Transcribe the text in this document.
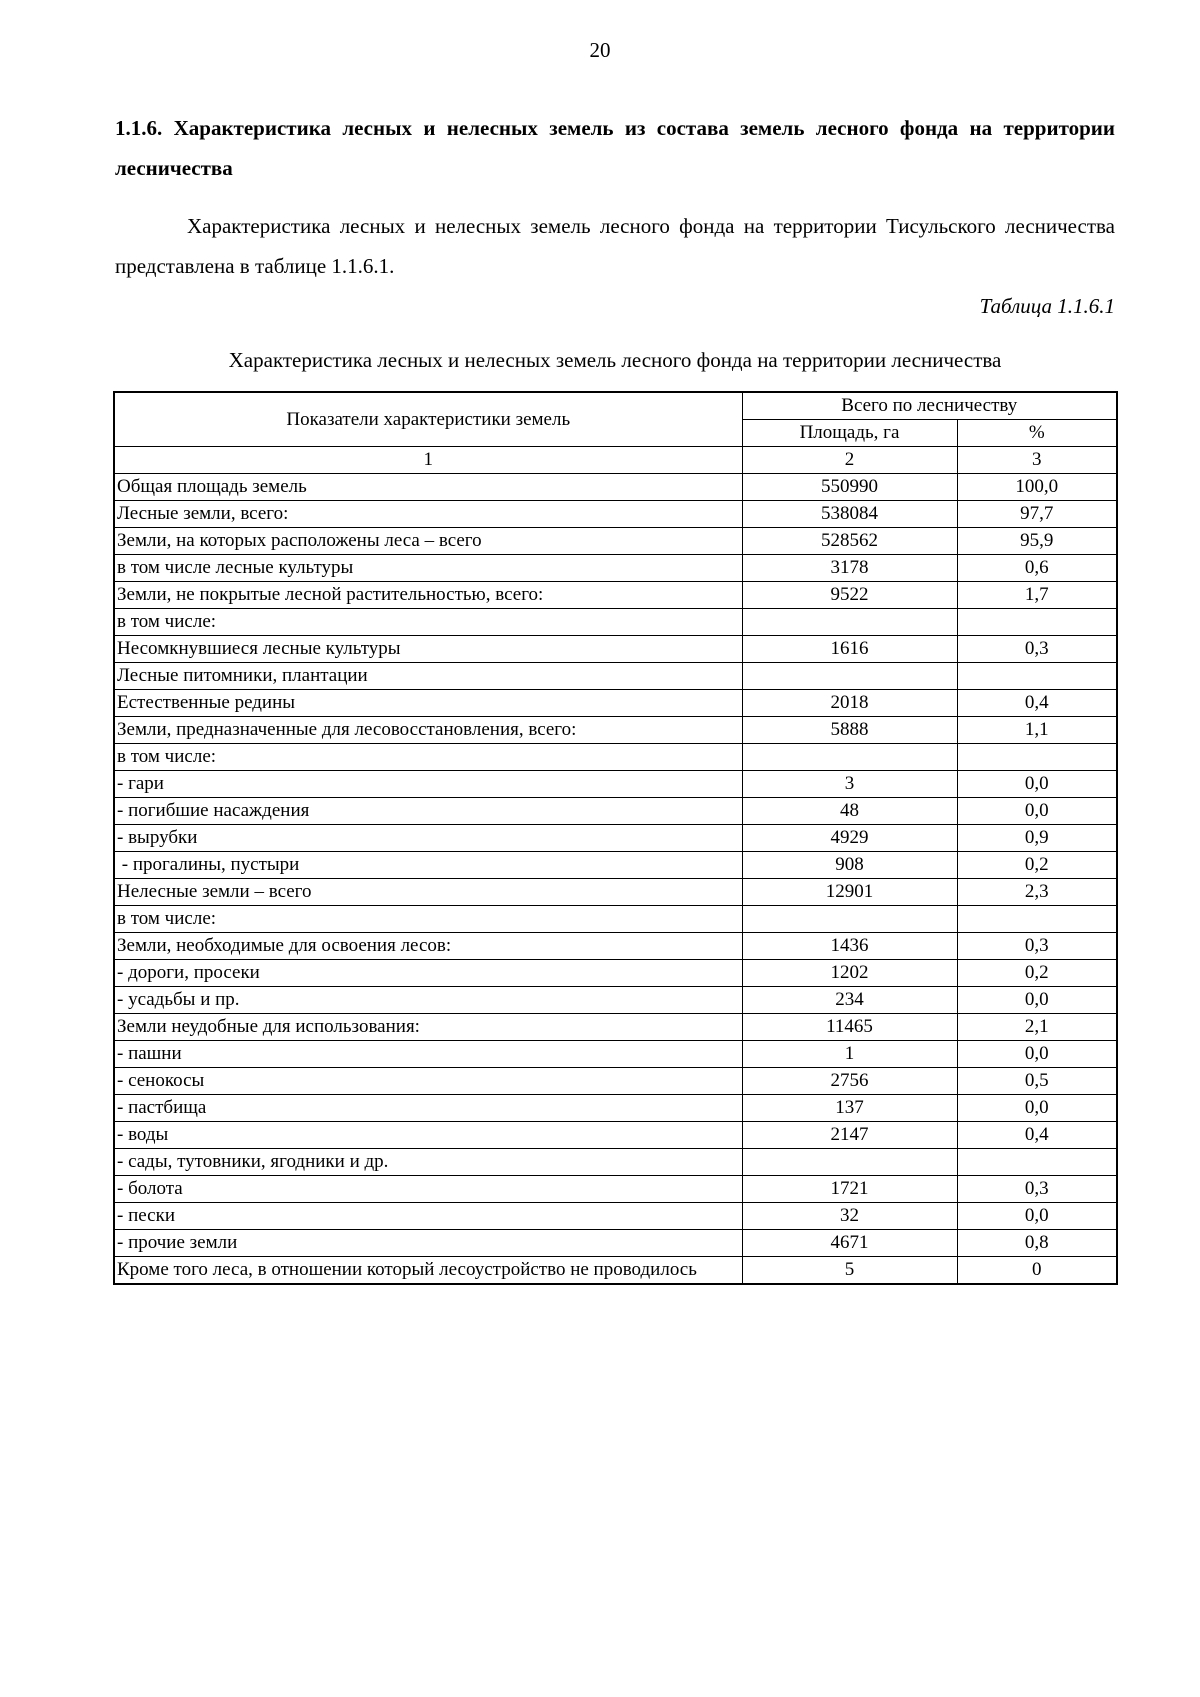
20

1.1.6. Характеристика лесных и нелесных земель из состава земель лесного фонда на территории лесничества

Характеристика лесных и нелесных земель лесного фонда на территории Тисульского лесничества представлена в таблице 1.1.6.1.

Таблица 1.1.6.1
Характеристика лесных и нелесных земель лесного фонда на территории лесничества
Показатели характеристики земель	Всего по лесничеству	
	Площадь, га	%
1	2	3
Общая площадь земель	550990	100,0
Лесные земли, всего:	538084	97,7
Земли, на которых расположены леса – всего	528562	95,9
в том числе лесные культуры	3178	0,6
Земли, не покрытые лесной растительностью, всего:	9522	1,7
в том числе:		
Несомкнувшиеся лесные культуры	1616	0,3
Лесные питомники, плантации		
Естественные редины	2018	0,4
Земли, предназначенные для лесовосстановления, всего:	5888	1,1
в том числе:		
- гари	3	0,0
- погибшие насаждения	48	0,0
- вырубки	4929	0,9
- прогалины, пустыри	908	0,2
Нелесные земли – всего	12901	2,3
в том числе:		
Земли, необходимые для освоения лесов:	1436	0,3
- дороги, просеки	1202	0,2
- усадьбы и пр.	234	0,0
Земли неудобные для использования:	11465	2,1
- пашни	1	0,0
- сенокосы	2756	0,5
- пастбища	137	0,0
- воды	2147	0,4
- сады, тутовники, ягодники и др.		
- болота	1721	0,3
- пески	32	0,0
- прочие земли	4671	0,8
Кроме того леса, в отношении который лесоустройство не проводилось	5	0
